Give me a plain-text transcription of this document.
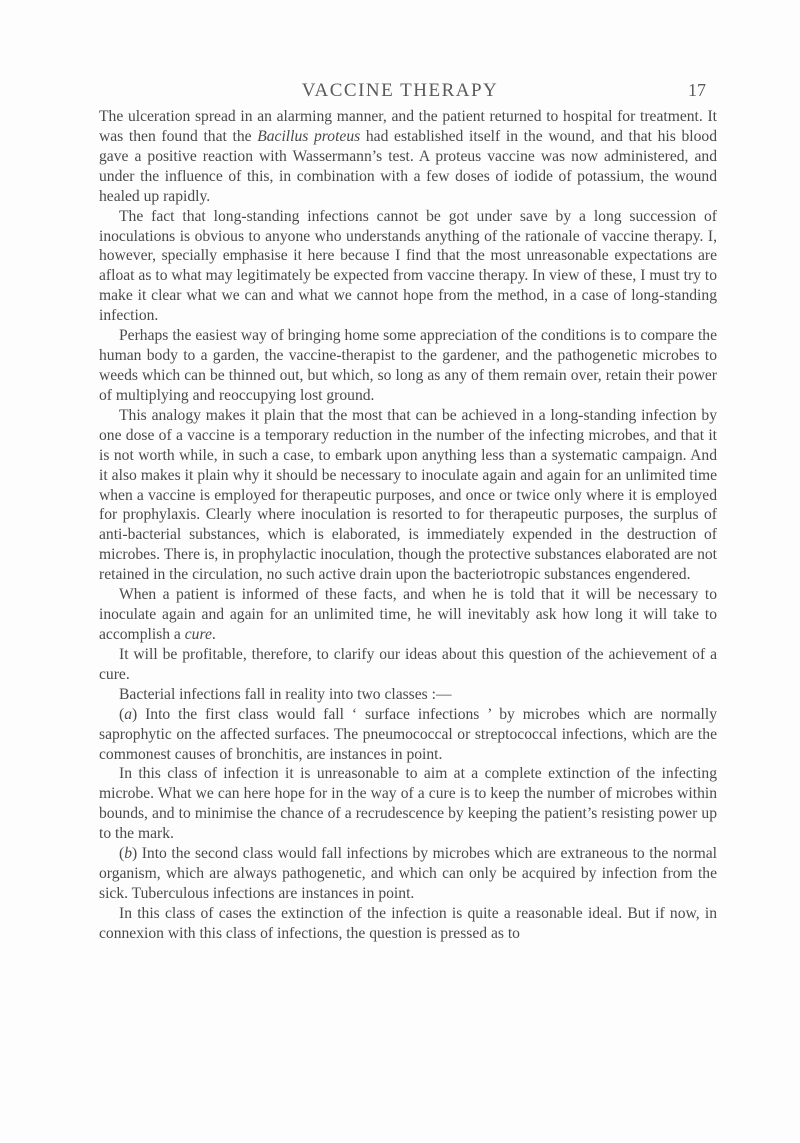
VACCINE THERAPY	17

The ulceration spread in an alarming manner, and the patient returned to hospital for treatment. It was then found that the Bacillus proteus had established itself in the wound, and that his blood gave a positive reaction with Wassermann’s test. A proteus vaccine was now administered, and under the influence of this, in combination with a few doses of iodide of potassium, the wound healed up rapidly.

The fact that long-standing infections cannot be got under save by a long succession of inoculations is obvious to anyone who understands anything of the rationale of vaccine therapy. I, however, specially emphasise it here because I find that the most unreasonable expectations are afloat as to what may legitimately be expected from vaccine therapy. In view of these, I must try to make it clear what we can and what we cannot hope from the method, in a case of long-standing infection.

Perhaps the easiest way of bringing home some appreciation of the conditions is to compare the human body to a garden, the vaccine-therapist to the gardener, and the pathogenetic microbes to weeds which can be thinned out, but which, so long as any of them remain over, retain their power of multiplying and reoccupying lost ground.

This analogy makes it plain that the most that can be achieved in a long-standing infection by one dose of a vaccine is a temporary reduction in the number of the infecting microbes, and that it is not worth while, in such a case, to embark upon anything less than a systematic campaign. And it also makes it plain why it should be necessary to inoculate again and again for an unlimited time when a vaccine is employed for therapeutic purposes, and once or twice only where it is employed for prophylaxis. Clearly where inoculation is resorted to for therapeutic purposes, the surplus of anti-bacterial substances, which is elaborated, is immediately expended in the destruction of microbes. There is, in prophylactic inoculation, though the protective substances elaborated are not retained in the circulation, no such active drain upon the bacteriotropic substances engendered.

When a patient is informed of these facts, and when he is told that it will be necessary to inoculate again and again for an unlimited time, he will inevitably ask how long it will take to accomplish a cure.

It will be profitable, therefore, to clarify our ideas about this question of the achievement of a cure.

Bacterial infections fall in reality into two classes :—

(a) Into the first class would fall ‘ surface infections ’ by microbes which are normally saprophytic on the affected surfaces. The pneumococcal or streptococcal infections, which are the commonest causes of bronchitis, are instances in point.

In this class of infection it is unreasonable to aim at a complete extinction of the infecting microbe. What we can here hope for in the way of a cure is to keep the number of microbes within bounds, and to minimise the chance of a recrudescence by keeping the patient’s resisting power up to the mark.

(b) Into the second class would fall infections by microbes which are extraneous to the normal organism, which are always pathogenetic, and which can only be acquired by infection from the sick. Tuberculous infections are instances in point.

In this class of cases the extinction of the infection is quite a reasonable ideal. But if now, in connexion with this class of infections, the question is pressed as to
